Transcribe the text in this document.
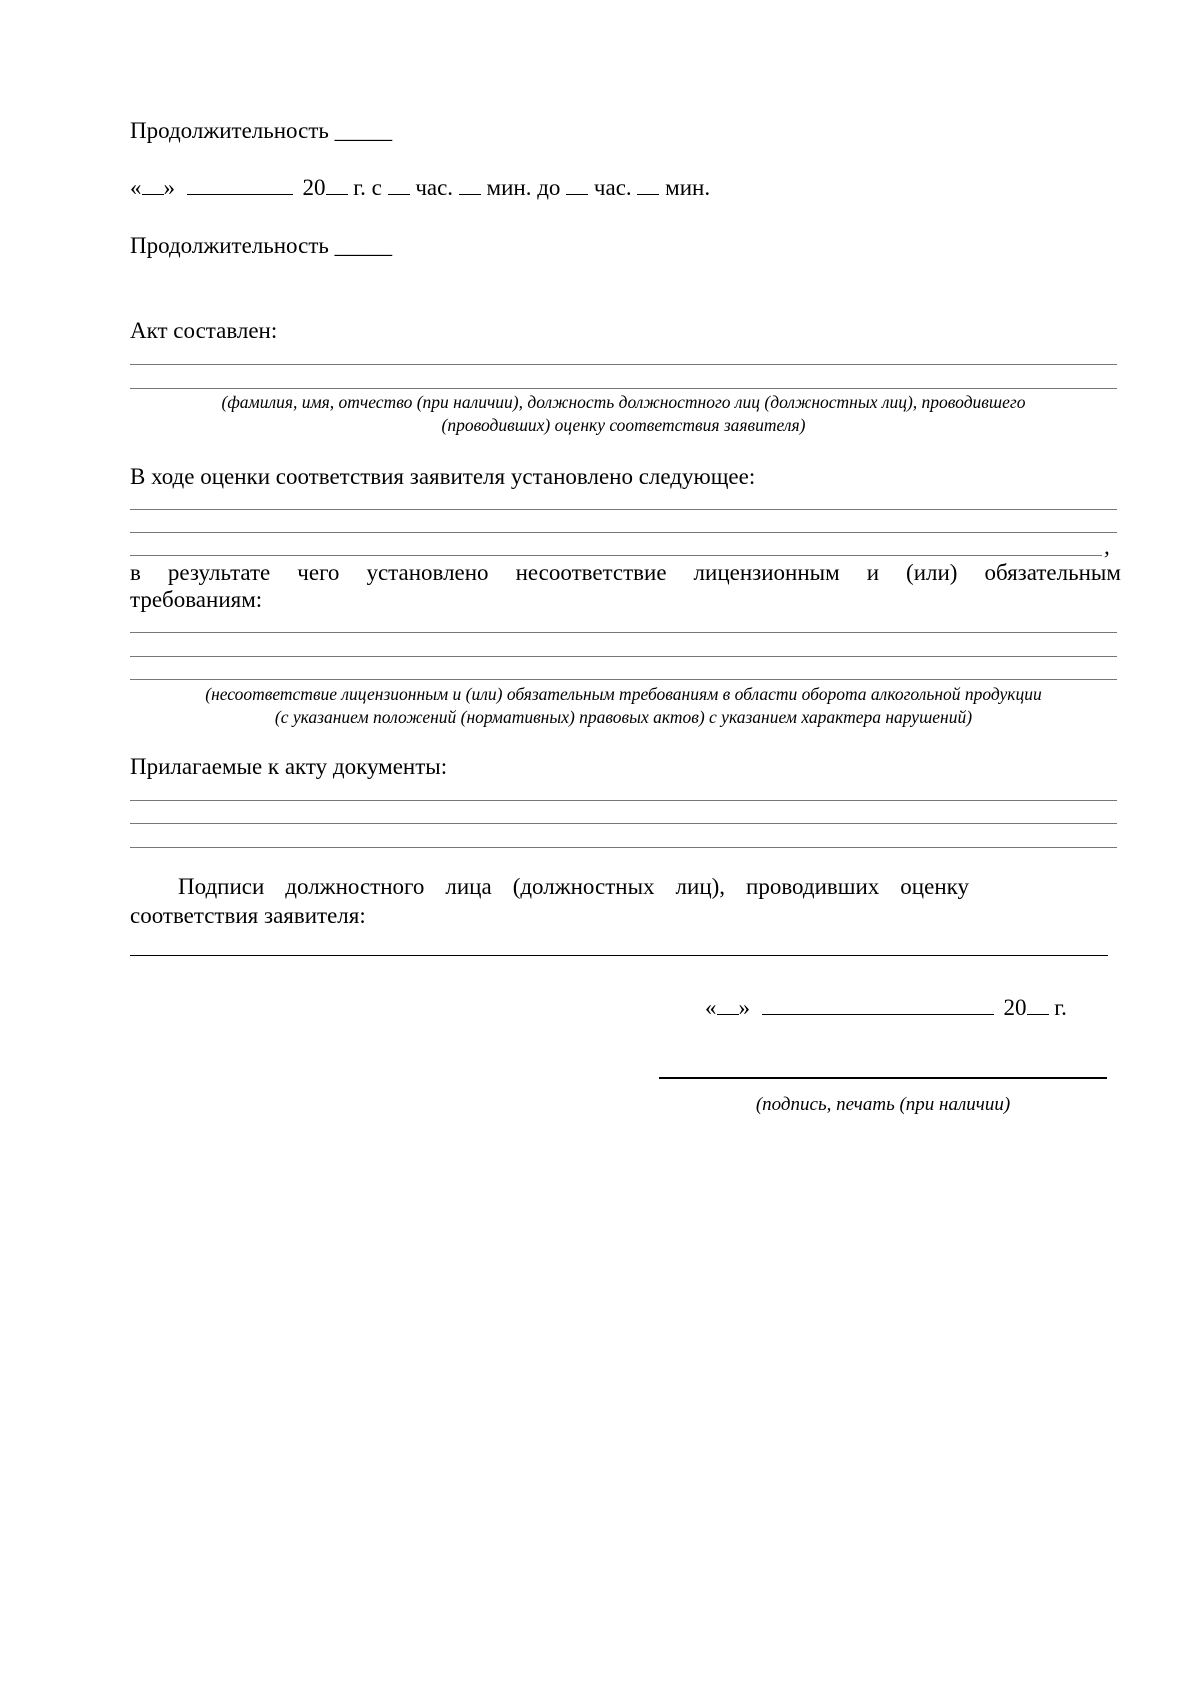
Продолжительность _____
« »	20 г. с час. мин. до час. мин.
Продолжительность _____
Акт составлен:
(фамилия, имя, отчество (при наличии), должность должностного лиц (должностных лиц), проводившего
(проводивших) оценку соответствия заявителя)
В ходе оценки соответствия заявителя установлено следующее:
,
в результате чего установлено несоответствие лицензионным и (или) обязательным
требованиям:
(несоответствие лицензионным и (или) обязательным требованиям в области оборота алкогольной продукции
(с указанием положений (нормативных) правовых актов) с указанием характера нарушений)
Прилагаемые к акту документы:
Подписи должностного лица (должностных лиц), проводивших оценку
соответствия заявителя:
« »	20 г.
(подпись, печать (при наличии)
